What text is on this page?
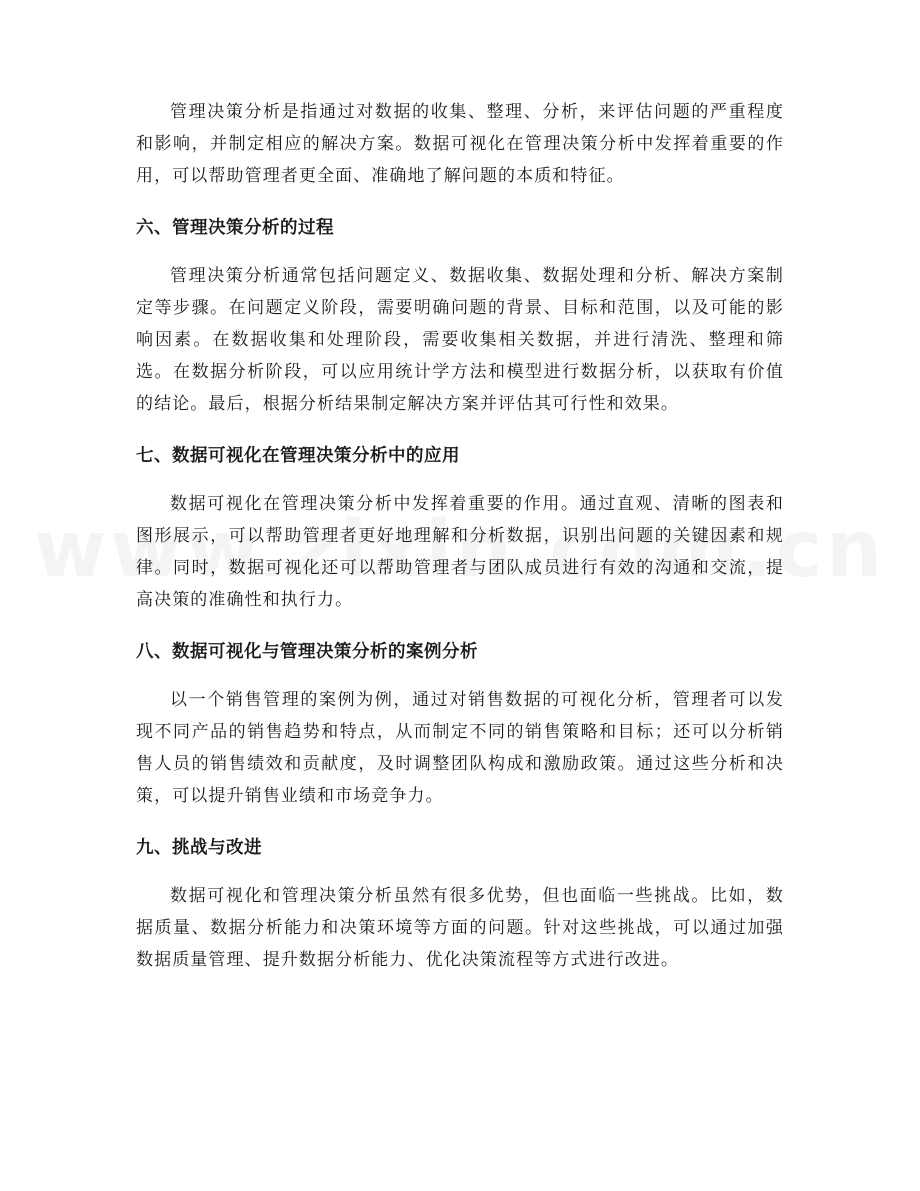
管理决策分析是指通过对数据的收集、整理、分析，来评估问题的严重程度和影响，并制定相应的解决方案。数据可视化在管理决策分析中发挥着重要的作用，可以帮助管理者更全面、准确地了解问题的本质和特征。

六、管理决策分析的过程

管理决策分析通常包括问题定义、数据收集、数据处理和分析、解决方案制定等步骤。在问题定义阶段，需要明确问题的背景、目标和范围，以及可能的影响因素。在数据收集和处理阶段，需要收集相关数据，并进行清洗、整理和筛选。在数据分析阶段，可以应用统计学方法和模型进行数据分析，以获取有价值的结论。最后，根据分析结果制定解决方案并评估其可行性和效果。

七、数据可视化在管理决策分析中的应用

数据可视化在管理决策分析中发挥着重要的作用。通过直观、清晰的图表和图形展示，可以帮助管理者更好地理解和分析数据，识别出问题的关键因素和规律。同时，数据可视化还可以帮助管理者与团队成员进行有效的沟通和交流，提高决策的准确性和执行力。

八、数据可视化与管理决策分析的案例分析

以一个销售管理的案例为例，通过对销售数据的可视化分析，管理者可以发现不同产品的销售趋势和特点，从而制定不同的销售策略和目标；还可以分析销售人员的销售绩效和贡献度，及时调整团队构成和激励政策。通过这些分析和决策，可以提升销售业绩和市场竞争力。

九、挑战与改进

数据可视化和管理决策分析虽然有很多优势，但也面临一些挑战。比如，数据质量、数据分析能力和决策环境等方面的问题。针对这些挑战，可以通过加强数据质量管理、提升数据分析能力、优化决策流程等方式进行改进。
